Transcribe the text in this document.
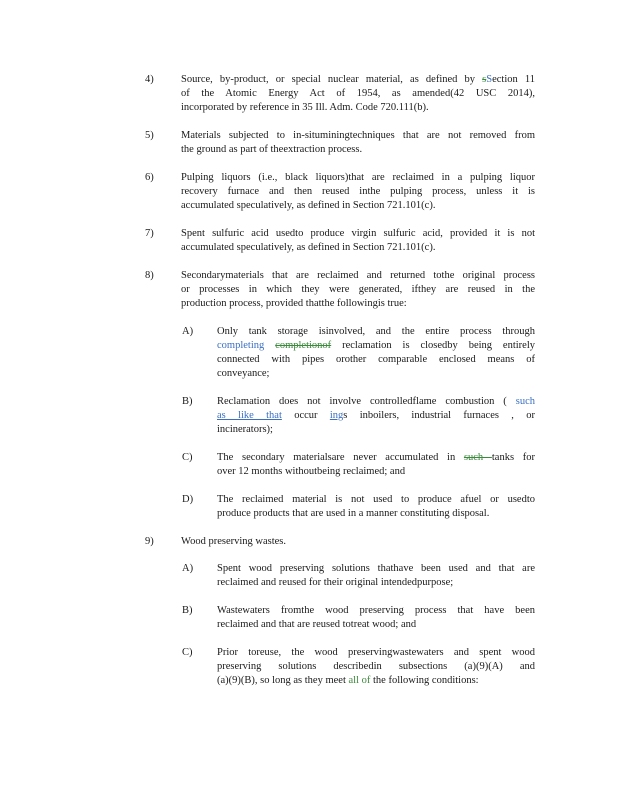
4)	Source, by-product, or special nuclear material, as defined by sSection 11
of the Atomic Energy Act of 1954, as amended(42 USC 2014),
incorporated by reference in 35 Ill. Adm. Code 720.111(b).
5)	Materials subjected to in-situminingtechniques that are not removed from
the ground as part of theextraction process.
6)	Pulping liquors (i.e., black liquors)that are reclaimed in a pulping liquor
recovery furnace and then reused inthe pulping process, unless it is
accumulated speculatively, as defined in Section 721.101(c).
7)	Spent sulfuric acid usedto produce virgin sulfuric acid, provided it is not
accumulated speculatively, as defined in Section 721.101(c).
8)	Secondarymaterials that are reclaimed and returned tothe original process
or processes in which they were generated, ifthey are reused in the
production process, provided thatthe followingis true:
A)	Only tank storage isinvolved, and the entire process through
completing completionof reclamation is closedby being entirely
connected with pipes orother comparable enclosed means of
conveyance;
B)	Reclamation does not involve controlledflame combustion ( such
as like that occur ings inboilers, industrial furnaces , or
incinerators);
C)	The secondary materialsare never accumulated in such tanks for
over 12 months withoutbeing reclaimed; and
D)	The reclaimed material is not used to produce afuel or usedto
produce products that are used in a manner constituting disposal.
9)	Wood preserving wastes.
A)	Spent wood preserving solutions thathave been used and that are
reclaimed and reused for their original intendedpurpose;
B)	Wastewaters fromthe wood preserving process that have been
reclaimed and that are reused totreat wood; and
C)	Prior toreuse, the wood preservingwastewaters and spent wood
preserving solutions describedin subsections (a)(9)(A) and
(a)(9)(B), so long as they meet all of the following conditions:
